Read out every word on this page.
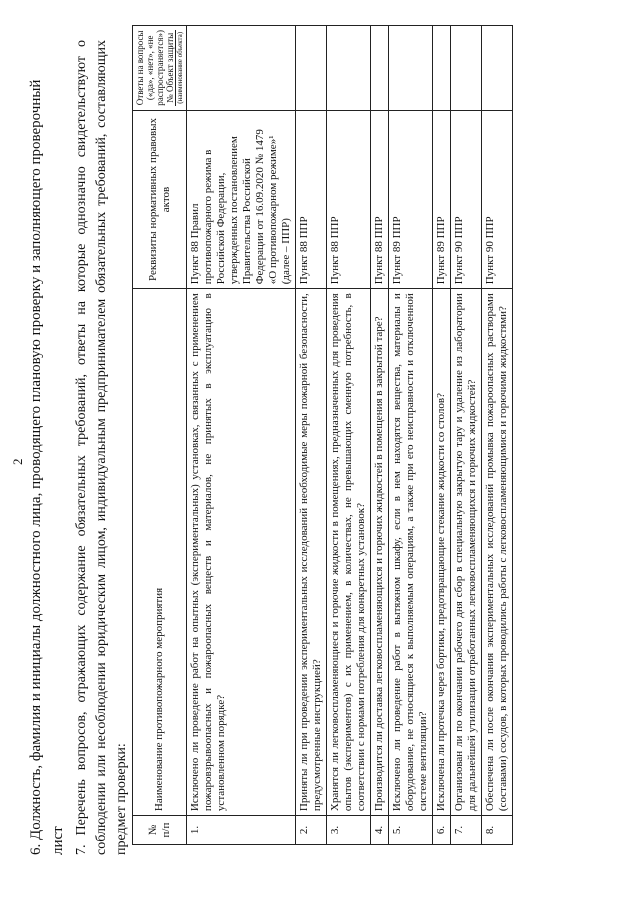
2 6. Должность, фамилия и инициалы должностного лица, проводящего плановую проверку и заполняющего проверочный лист 7. Перечень вопросов, отражающих содержание обязательных требований, ответы на которые однозначно свидетельствуют о соблюдении или несоблюдении юридическим лицом, индивидуальным предпринимателем обязательных требований, составляющих предмет проверки: № п/п	Наименование противопожарного мероприятия	Реквизиты нормативных правовых актов	Ответы на вопросы («да», «нет», «не распространяется») № Объект защиты (наименование объекта)

1.	Исключено ли проведение работ на опытных (экспериментальных) установках, связанных с применением пожаровзрывоопасных и пожароопасных веществ и материалов, не принятых в эксплуатацию в установленном порядке?	Пункт 88 Правил противопожарного режима в Российской Федерации, утвержденных постановлением Правительства Российской Федерации от 16.09.2020 № 1479 «О противопожарном режиме»¹ (далее – ППР)	
2.	Приняты ли при проведении экспериментальных исследований необходимые меры пожарной безопасности, предусмотренные инструкцией?	Пункт 88 ППР	
3.	Хранятся ли легковоспламеняющиеся и горючие жидкости в помещениях, предназначенных для проведения опытов (экспериментов) с их применением, в количествах, не превышающих сменную потребность, в соответствии с нормами потребления для конкретных установок?	Пункт 88 ППР	
4.	Производится ли доставка легковоспламеняющихся и горючих жидкостей в помещения в закрытой таре?	Пункт 88 ППР	
5.	Исключено ли проведение работ в вытяжном шкафу, если в нем находятся вещества, материалы и оборудование, не относящиеся к выполняемым операциям, а также при его неисправности и отключенной системе вентиляции?	Пункт 89 ППР	
6.	Исключена ли протечка через бортики, предотвращающие стекание жидкости со столов?	Пункт 89 ППР	
7.	Организован ли по окончании рабочего дня сбор в специальную закрытую тару и удаление из лаборатории для дальнейшей утилизации отработанных легковоспламеняющихся и горючих жидкостей?	Пункт 90 ППР	
8.	Обеспечена ли после окончания экспериментальных исследований промывка пожароопасных растворами (составами) сосудов, в которых проводились работы с легковоспламеняющимися и горючими жидкостями?	Пункт 90 ППР	
